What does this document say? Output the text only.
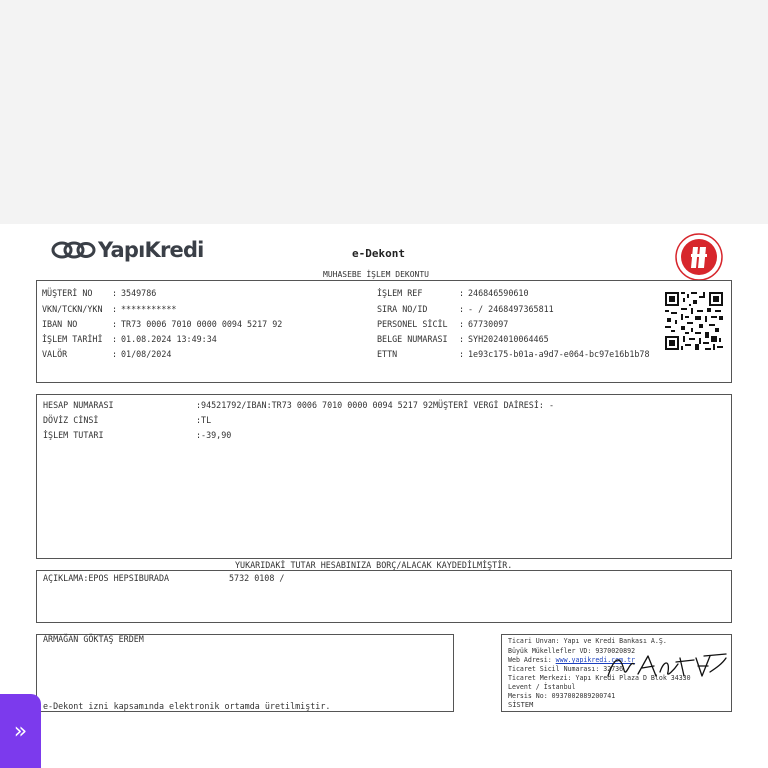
YapıKredi	e-Dekont
MUHASEBE İŞLEM DEKONTU
MÜŞTERİ NO : 3549786
VKN/TCKN/YKN : ***********
IBAN NO	: TR73 0006 7010 0000 0094 5217 92
İŞLEM TARİHİ : 01.08.2024 13:49:34
VALÖR	: 01/08/2024
İŞLEM REF	: 246846590610
SIRA NO/ID	: - / 2468497365811
PERSONEL SİCİL : 67730097
BELGE NUMARASI : SYH2024010064465
ETTN	: 1e93c175-b01a-a9d7-e064-bc97e16b1b78
HESAP NUMARASI	:94521792/IBAN:TR73 0006 7010 0000 0094 5217 92MÜŞTERİ VERGİ DAİRESİ: -
DÖVİZ CİNSİ	:TL
İŞLEM TUTARI	:-39,90
YUKARIDAKİ TUTAR HESABINIZA BORÇ/ALACAK KAYDEDİLMİŞTİR.
AÇIKLAMA:EPOS HEPSIBURADA	5732 0108 /
ARMAĞAN GÖKTAŞ ERDEM
e-Dekont izni kapsamında elektronik ortamda üretilmiştir.
Ticari Unvan: Yapı ve Kredi Bankası A.Ş.
Büyük Mükellefler VD: 9370020892
Web Adresi: www.yapikredi.com.tr
Ticaret Sicil Numarası: 32736
Ticaret Merkezi: Yapı Kredi Plaza D Blok 34330
Levent / İstanbul
Mersis No: 0937002089200741
SİSTEM
»
